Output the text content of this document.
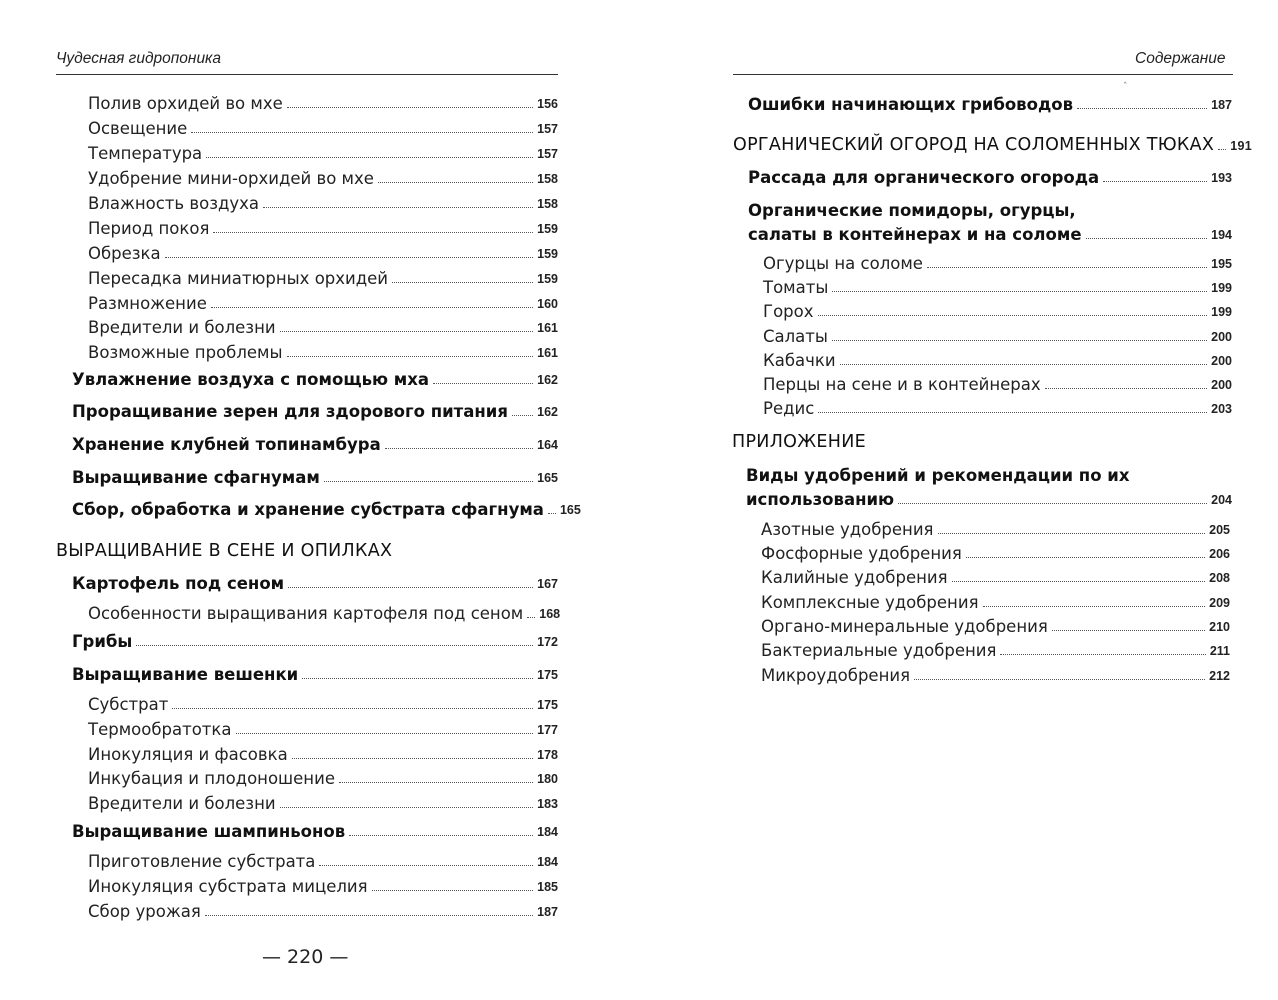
Чудесная гидропоника
Полив орхидей во мхе	156
Освещение	157
Температура	157
Удобрение мини-орхидей во мхе	158
Влажность воздуха	158
Период покоя	159
Обрезка	159
Пересадка миниатюрных орхидей	159
Размножение	160
Вредители и болезни	161
Возможные проблемы	161
Увлажнение воздуха с помощью мха	162
Проращивание зерен для здорового питания 162
Хранение клубней топинамбура	164
Выращивание сфагнумам	165
Сбор, обработка и хранение субстрата сфагнума 165
ВЫРАЩИВАНИЕ В СЕНЕ И ОПИЛКАХ
Картофель под сеном	167
Особенности выращивания картофеля под сеном 168
Грибы	172
Выращивание вешенки	175
Субстрат	175
Термообратотка	177
Инокуляция и фасовка	178
Инкубация и плодоношение	180
Вредители и болезни	183
Выращивание шампиньонов	184
Приготовление субстрата	184
Инокуляция субстрата мицелия	185
Сбор урожая	187
— 220 —
Содержание
ˆ
Ошибки начинающих грибоводов	187
ОРГАНИЧЕСКИЙ ОГОРОД НА СОЛОМЕННЫХ ТЮКАХ 191
Рассада для органического огорода	193
Органические помидоры, огурцы,
салаты в контейнерах и на соломе	194
Огурцы на соломе	195
Томаты	199
Горох	199
Салаты	200
Кабачки	200
Перцы на сене и в контейнерах	200
Редис	203
ПРИЛОЖЕНИЕ
Виды удобрений и рекомендации по их
использованию	204
Азотные удобрения	205
Фосфорные удобрения	206
Калийные удобрения	208
Комплексные удобрения	209
Органо-минеральные удобрения	210
Бактериальные удобрения	211
Микроудобрения	212
